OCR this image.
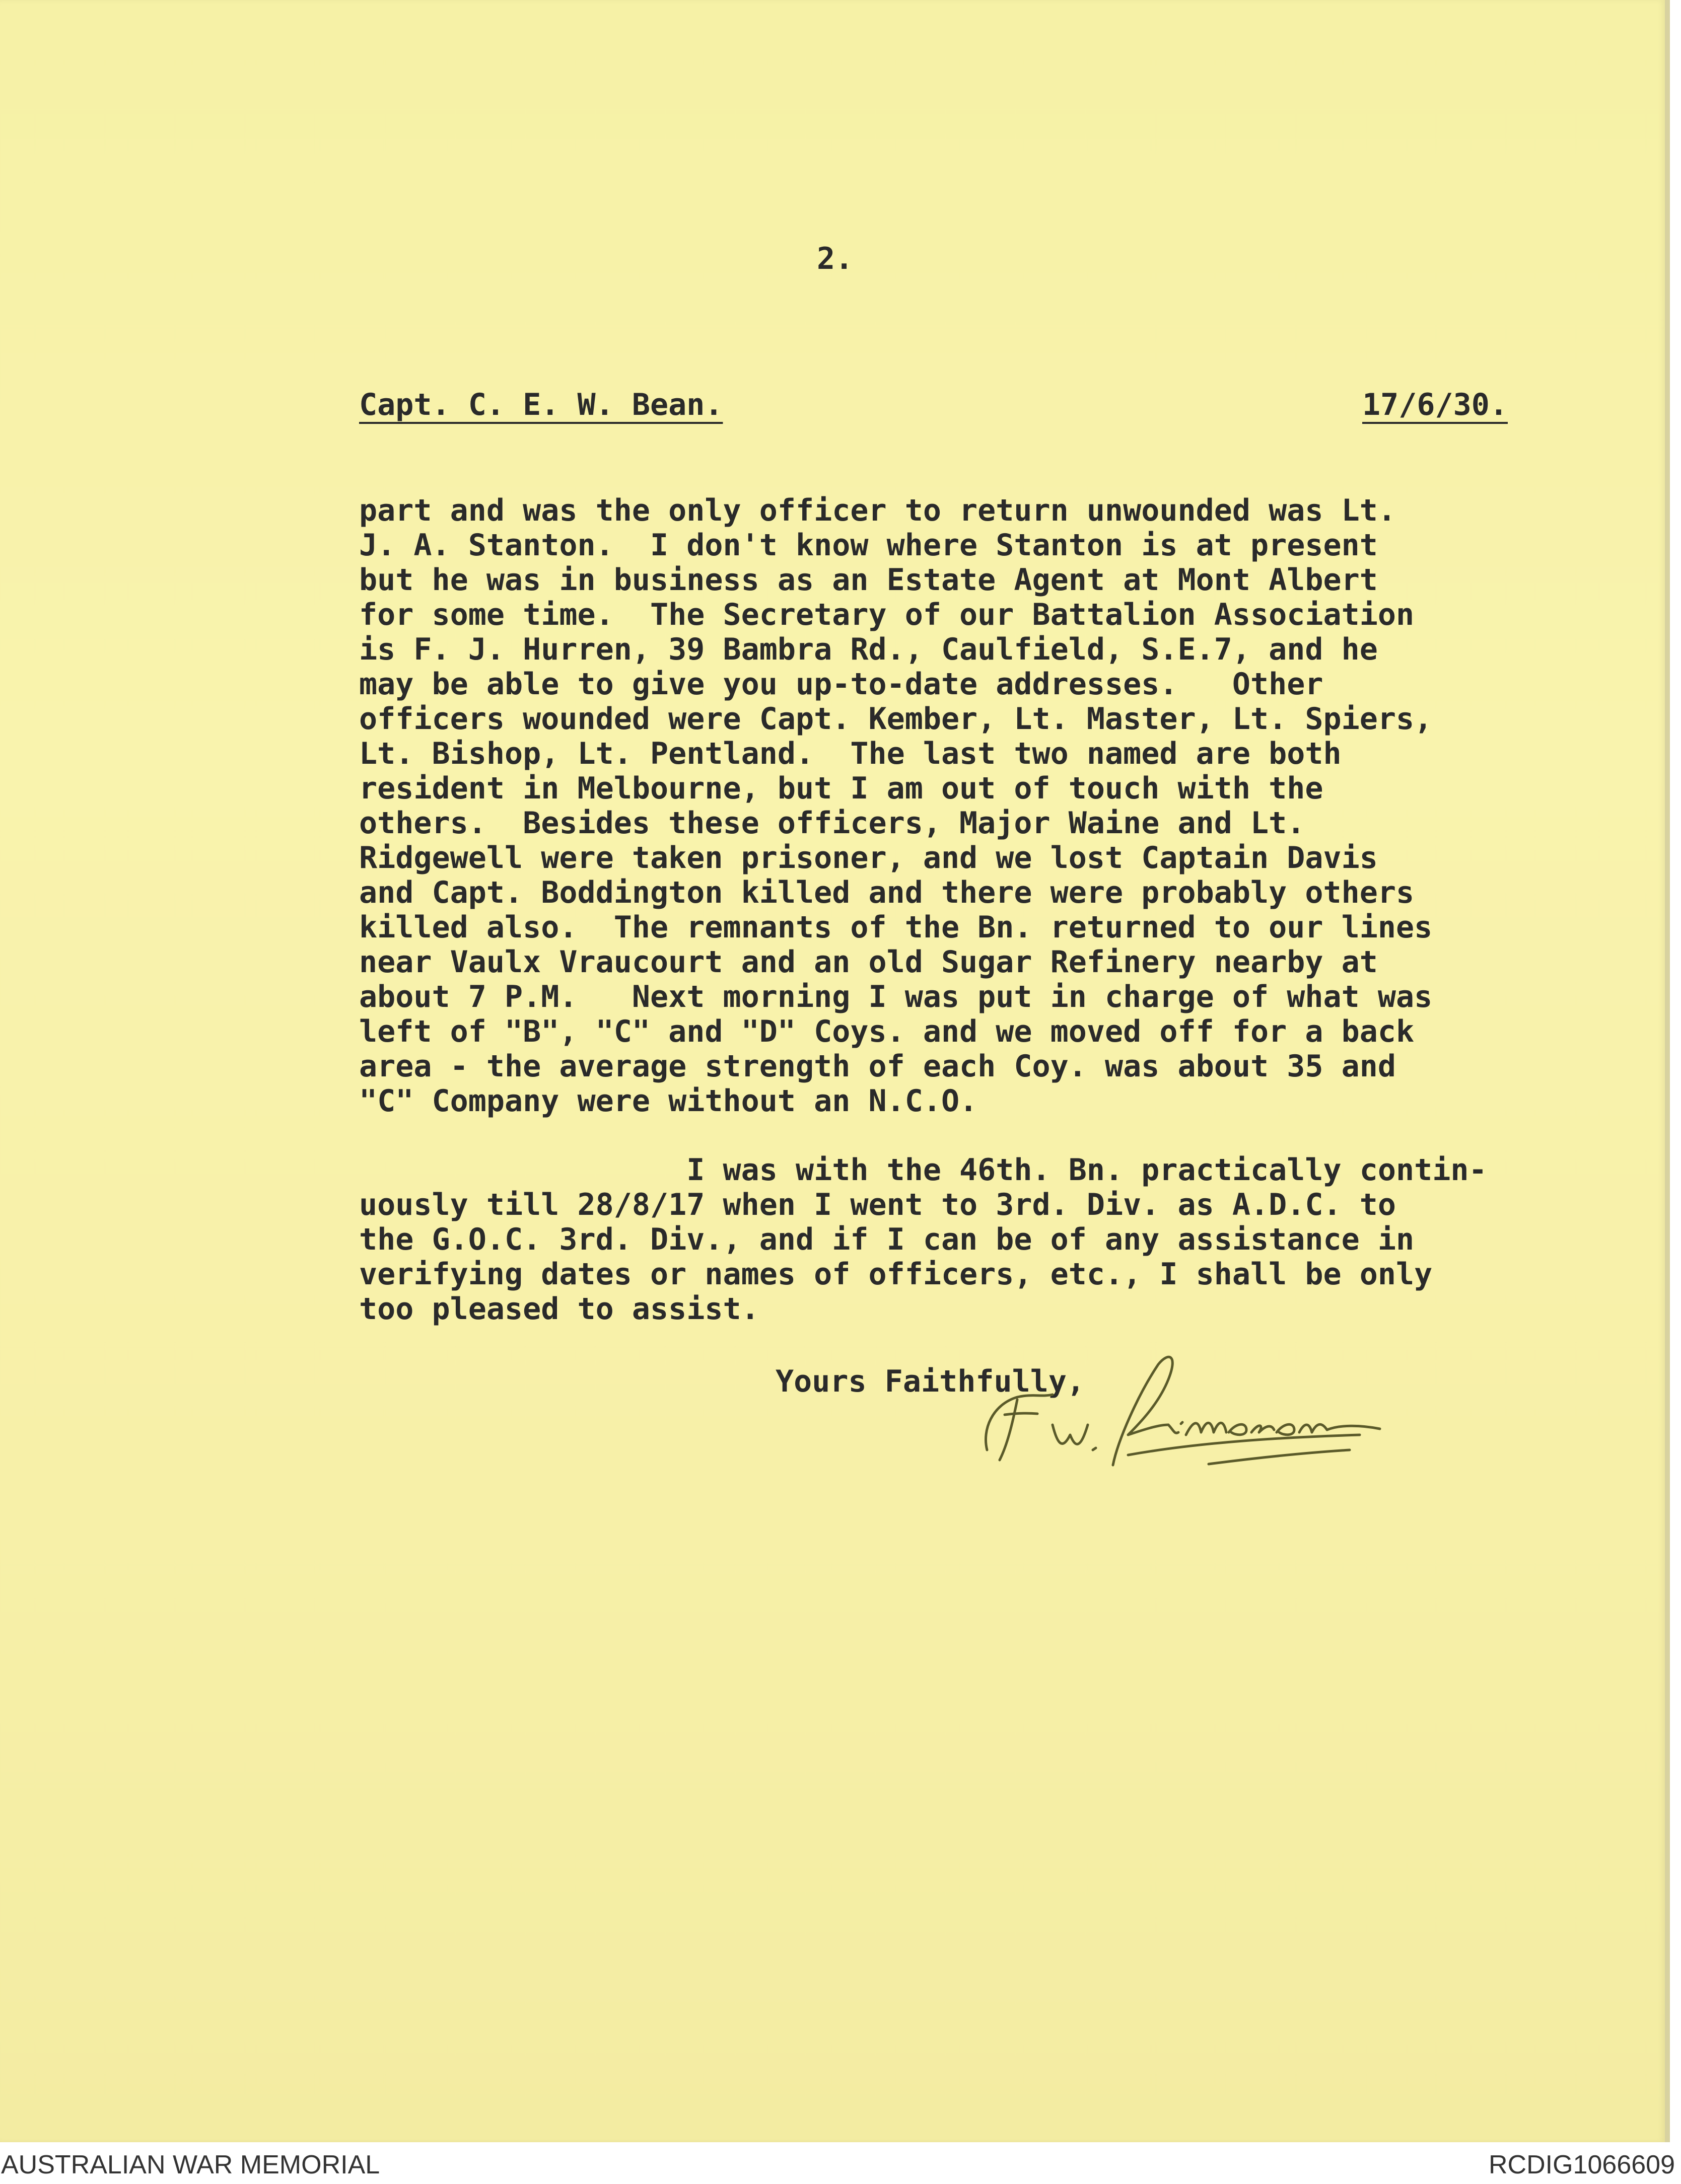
2.
Capt. C. E. W. Bean.	17/6/30.
part and was the only officer to return unwounded was Lt.
J. A. Stanton.  I don't know where Stanton is at present
but he was in business as an Estate Agent at Mont Albert
for some time.  The Secretary of our Battalion Association
is F. J. Hurren, 39 Bambra Rd., Caulfield, S.E.7, and he
may be able to give you up-to-date addresses.   Other
officers wounded were Capt. Kember, Lt. Master, Lt. Spiers,
Lt. Bishop, Lt. Pentland.  The last two named are both
resident in Melbourne, but I am out of touch with the
others.  Besides these officers, Major Waine and Lt.
Ridgewell were taken prisoner, and we lost Captain Davis
and Capt. Boddington killed and there were probably others
killed also.  The remnants of the Bn. returned to our lines
near Vaulx Vraucourt and an old Sugar Refinery nearby at
about 7 P.M.   Next morning I was put in charge of what was
left of "B", "C" and "D" Coys. and we moved off for a back
area - the average strength of each Coy. was about 35 and
"C" Company were without an N.C.O.
I was with the 46th. Bn. practically contin-
uously till 28/8/17 when I went to 3rd. Div. as A.D.C. to
the G.O.C. 3rd. Div., and if I can be of any assistance in
verifying dates or names of officers, etc., I shall be only
too pleased to assist.
Yours Faithfully,
AUSTRALIAN WAR MEMORIAL	RCDIG1066609
